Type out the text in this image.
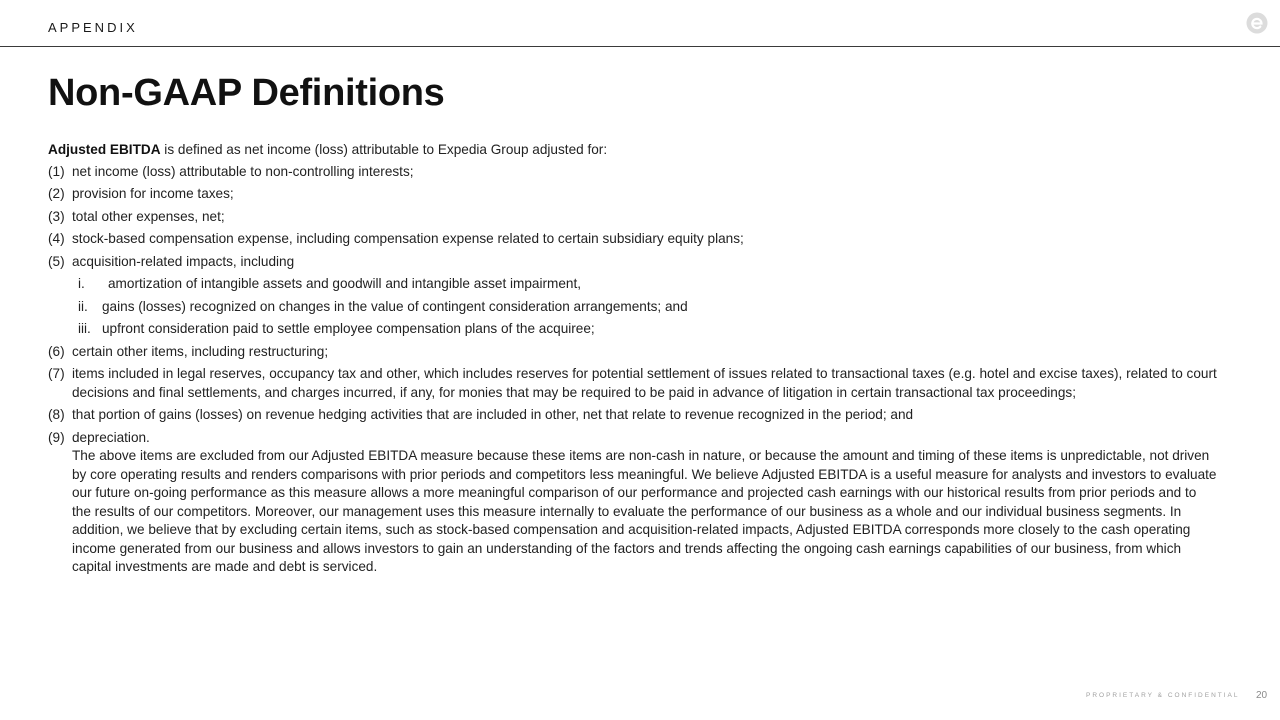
APPENDIX
Non-GAAP Definitions

Adjusted EBITDA is defined as net income (loss) attributable to Expedia Group adjusted for:

(1) net income (loss) attributable to non-controlling interests;
(2) provision for income taxes;
(3) total other expenses, net;
(4) stock-based compensation expense, including compensation expense related to certain subsidiary equity plans;
(5) acquisition-related impacts, including
i.	amortization of intangible assets and goodwill and intangible asset impairment,
ii.	gains (losses) recognized on changes in the value of contingent consideration arrangements; and
iii. upfront consideration paid to settle employee compensation plans of the acquiree;
(6) certain other items, including restructuring;
(7) items included in legal reserves, occupancy tax and other, which includes reserves for potential settlement of issues related to transactional taxes (e.g. hotel and excise taxes), related to court decisions and final settlements, and charges incurred, if any, for monies that may be required to be paid in advance of litigation in certain transactional tax proceedings;
(8) that portion of gains (losses) on revenue hedging activities that are included in other, net that relate to revenue recognized in the period; and
(9) depreciation.
The above items are excluded from our Adjusted EBITDA measure because these items are non-cash in nature, or because the amount and timing of these items is unpredictable, not driven by core operating results and renders comparisons with prior periods and competitors less meaningful. We believe Adjusted EBITDA is a useful measure for analysts and investors to evaluate our future on-going performance as this measure allows a more meaningful comparison of our performance and projected cash earnings with our historical results from prior periods and to the results of our competitors. Moreover, our management uses this measure internally to evaluate the performance of our business as a whole and our individual business segments. In addition, we believe that by excluding certain items, such as stock-based compensation and acquisition-related impacts, Adjusted EBITDA corresponds more closely to the cash operating income generated from our business and allows investors to gain an understanding of the factors and trends affecting the ongoing cash earnings capabilities of our business, from which capital investments are made and debt is serviced.
PROPRIETARY & CONFIDENTIAL 20
